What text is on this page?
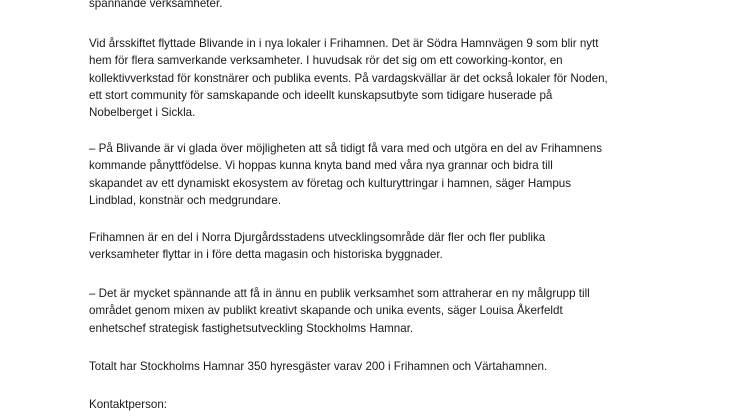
spännande verksamheter.

Vid årsskiftet flyttade Blivande in i nya lokaler i Frihamnen. Det är Södra Hamnvägen 9 som blir nytt
hem för flera samverkande verksamheter. I huvudsak rör det sig om ett coworking-kontor, en
kollektivverkstad för konstnärer och publika events. På vardagskvällar är det också lokaler för Noden,
ett stort community för samskapande och ideellt kunskapsutbyte som tidigare huserade på
Nobelberget i Sickla.

– På Blivande är vi glada över möjligheten att så tidigt få vara med och utgöra en del av Frihamnens
kommande pånyttfödelse. Vi hoppas kunna knyta band med våra nya grannar och bidra till
skapandet av ett dynamiskt ekosystem av företag och kulturyttringar i hamnen, säger Hampus
Lindblad, konstnär och medgrundare.

Frihamnen är en del i Norra Djurgårdsstadens utvecklingsområde där fler och fler publika
verksamheter flyttar in i före detta magasin och historiska byggnader.

– Det är mycket spännande att få in ännu en publik verksamhet som attraherar en ny målgrupp till
området genom mixen av publikt kreativt skapande och unika events, säger Louisa Åkerfeldt
enhetschef strategisk fastighetsutveckling Stockholms Hamnar.

Totalt har Stockholms Hamnar 350 hyresgäster varav 200 i Frihamnen och Värtahamnen.

Kontaktperson:
